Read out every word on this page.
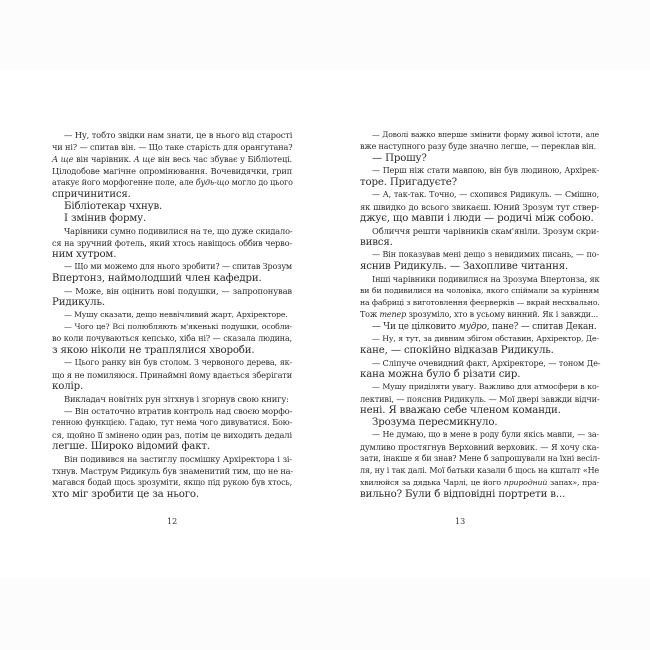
— Ну, тобто звідки нам знати, це в нього від старості
чи ні? — спитав він. — Що таке старість для орангутана?
А ще він чарівник. А ще він весь час збуває у Бібліотеці.
Цілодобове магічне опромінювання. Вочевидячки, грип
атакує його морфогенне поле, але будь-що могло до цього
спричинитися.
Бібліотекар чхнув.
І змінив форму.
Чарівники сумно подивилися на те, що дуже скидало-
ся на зручний фотель, який хтось навіщось оббив черво-
ним хутром.
— Що ми можемо для нього зробити? — спитав Зрозум
Впертонз, наймолодший член кафедри.
— Може, він оцінить нові подушки, — запропонував
Ридикуль.
— Мушу сказати, дещо неввічливий жарт, Архіректоре.
— Чого це? Всі полюбляють м'якенькі подушки, особли-
во коли почуваються кепсько, хіба ні? — сказала людина,
з якою ніколи не траплялися хвороби.
— Цього ранку він був столом. З червоного дерева, як-
що я не помиляюся. Принаймні йому вдається зберігати
колір.
Викладач новітніх рун зітхнув і згорнув свою книгу:
— Він остаточно втратив контроль над своєю морфо-
генною функцією. Гадаю, тут нема чого дивуватися. Бою-
ся, щойно її змінено один раз, потім це виходить дедалі
легше. Широко відомий факт.
Він подивився на застиглу посмішку Архіректора і зі-
тхнув. Маструм Ридикуль був знаменитий тим, що не на-
магався бодай щось зрозуміти, якщо під рукою був хтось,
хто міг зробити це за нього.
12
— Доволі важко вперше змінити форму живої істоти, але
вже наступного разу буде значно легше, — переклав він.
— Прошу?
— Перш ніж стати мавпою, він був людиною, Архірек-
торе. Пригадуєте?
— А, так-так. Точно, — схопився Ридикуль. — Смішно,
як швидко до всього звикаєш. Юний Зрозум тут ствер-
джує, що мавпи і люди — родичі між собою.
Обличчя решти чарівників скам'яніли. Зрозум скри-
вився.
— Він показував мені дещо з невидимих писань, — по-
яснив Ридикуль. — Захопливе читання.
Інші чарівники подивилися на Зрозума Впертонза, як
ви би подивилися на чоловіка, якого спіймали за курінням
на фабриці з виготовлення феєрверків — вкрай несхвально.
Тож тепер зрозуміло, хто в усьому винний. Як і завжди...
— Чи це цілковито мудро, пане? — спитав Декан.
— Ну, я тут, за дивним збігом обставин, Архіректор, Де-
кане, — спокійно відказав Ридикуль.
— Сліпуче очевидний факт, Архіректоре, — тоном Де-
кана можна було б різати сир.
— Мушу приділяти увагу. Важливо для атмосфери в ко-
лективі, — пояснив Ридикуль. — Мої двері завжди відчи-
нені. Я вважаю себе членом команди.
Зрозума пересмикнуло.
— Не думаю, що в мене в роду були якісь мавпи, — за-
думливо простягнув Верховний верховик. — Я хочу ска-
зати, інакше я би знав? Мене б запрошували на їхні весіл-
ля, ну і так далі. Мої батьки казали б щось на кшталт «Не
хвилюйся за дядька Чарлі, це його природний запах», пра-
вильно? Були б відповідні портрети в...
13
